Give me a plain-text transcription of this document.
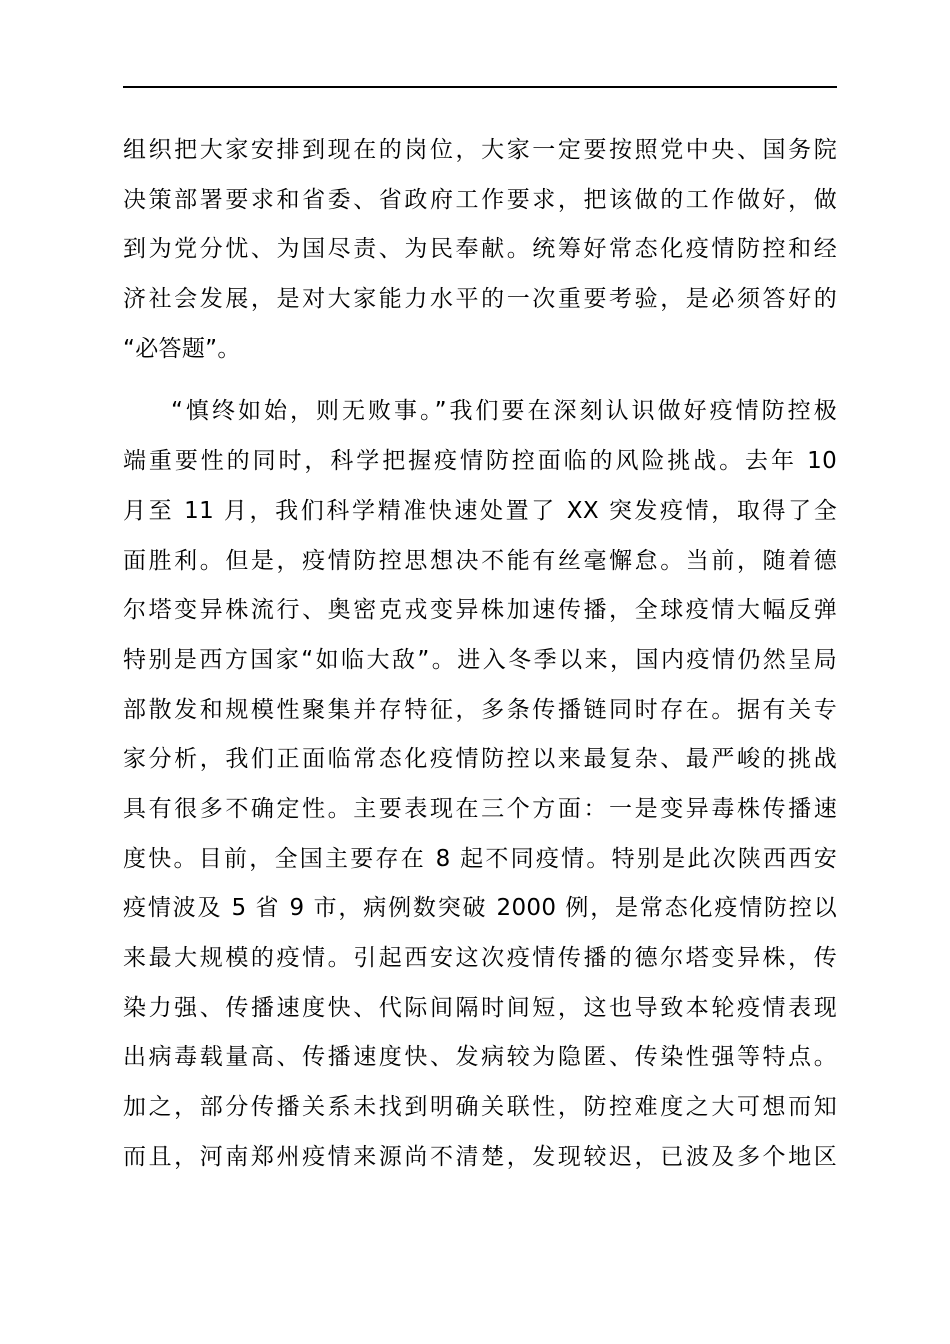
组织把大家安排到现在的岗位，大家一定要按照党中央、国务院
决策部署要求和省委、省政府工作要求，把该做的工作做好，做
到为党分忧、为国尽责、为民奉献。统筹好常态化疫情防控和经
济社会发展，是对大家能力水平的一次重要考验，是必须答好的
“必答题”。
“慎终如始，则无败事。”我们要在深刻认识做好疫情防控极
端重要性的同时，科学把握疫情防控面临的风险挑战。去年 10
月至 11 月，我们科学精准快速处置了 XX 突发疫情，取得了全
面胜利。但是，疫情防控思想决不能有丝毫懈怠。当前，随着德
尔塔变异株流行、奥密克戎变异株加速传播，全球疫情大幅反弹
特别是西方国家“如临大敌”。进入冬季以来，国内疫情仍然呈局
部散发和规模性聚集并存特征，多条传播链同时存在。据有关专
家分析，我们正面临常态化疫情防控以来最复杂、最严峻的挑战
具有很多不确定性。主要表现在三个方面：一是变异毒株传播速
度快。目前，全国主要存在 8 起不同疫情。特别是此次陕西西安
疫情波及 5 省 9 市，病例数突破 2000 例，是常态化疫情防控以
来最大规模的疫情。引起西安这次疫情传播的德尔塔变异株，传
染力强、传播速度快、代际间隔时间短，这也导致本轮疫情表现
出病毒载量高、传播速度快、发病较为隐匿、传染性强等特点。
加之，部分传播关系未找到明确关联性，防控难度之大可想而知
而且，河南郑州疫情来源尚不清楚，发现较迟，已波及多个地区
